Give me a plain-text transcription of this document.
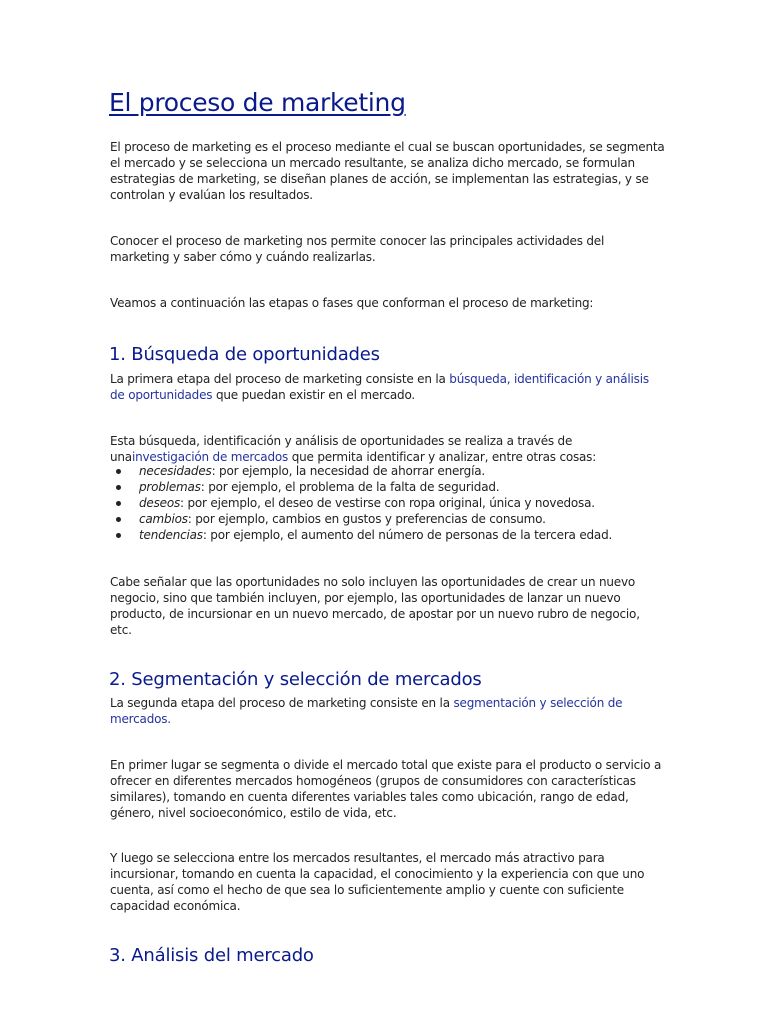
El proceso de marketing

El proceso de marketing es el proceso mediante el cual se buscan oportunidades, se segmenta
el mercado y se selecciona un mercado resultante, se analiza dicho mercado, se formulan
estrategias de marketing, se diseñan planes de acción, se implementan las estrategias, y se
controlan y evalúan los resultados.

Conocer el proceso de marketing nos permite conocer las principales actividades del
marketing y saber cómo y cuándo realizarlas.

Veamos a continuación las etapas o fases que conforman el proceso de marketing:

1. Búsqueda de oportunidades

La primera etapa del proceso de marketing consiste en la búsqueda, identificación y análisis
de oportunidades que puedan existir en el mercado.

Esta búsqueda, identificación y análisis de oportunidades se realiza a través de
unainvestigación de mercados que permita identificar y analizar, entre otras cosas:

necesidades: por ejemplo, la necesidad de ahorrar energía.
problemas: por ejemplo, el problema de la falta de seguridad.
deseos: por ejemplo, el deseo de vestirse con ropa original, única y novedosa.
cambios: por ejemplo, cambios en gustos y preferencias de consumo.
tendencias: por ejemplo, el aumento del número de personas de la tercera edad.

Cabe señalar que las oportunidades no solo incluyen las oportunidades de crear un nuevo
negocio, sino que también incluyen, por ejemplo, las oportunidades de lanzar un nuevo
producto, de incursionar en un nuevo mercado, de apostar por un nuevo rubro de negocio,
etc.

2. Segmentación y selección de mercados

La segunda etapa del proceso de marketing consiste en la segmentación y selección de
mercados.

En primer lugar se segmenta o divide el mercado total que existe para el producto o servicio a
ofrecer en diferentes mercados homogéneos (grupos de consumidores con características
similares), tomando en cuenta diferentes variables tales como ubicación, rango de edad,
género, nivel socioeconómico, estilo de vida, etc.

Y luego se selecciona entre los mercados resultantes, el mercado más atractivo para
incursionar, tomando en cuenta la capacidad, el conocimiento y la experiencia con que uno
cuenta, así como el hecho de que sea lo suficientemente amplio y cuente con suficiente
capacidad económica.

3. Análisis del mercado
